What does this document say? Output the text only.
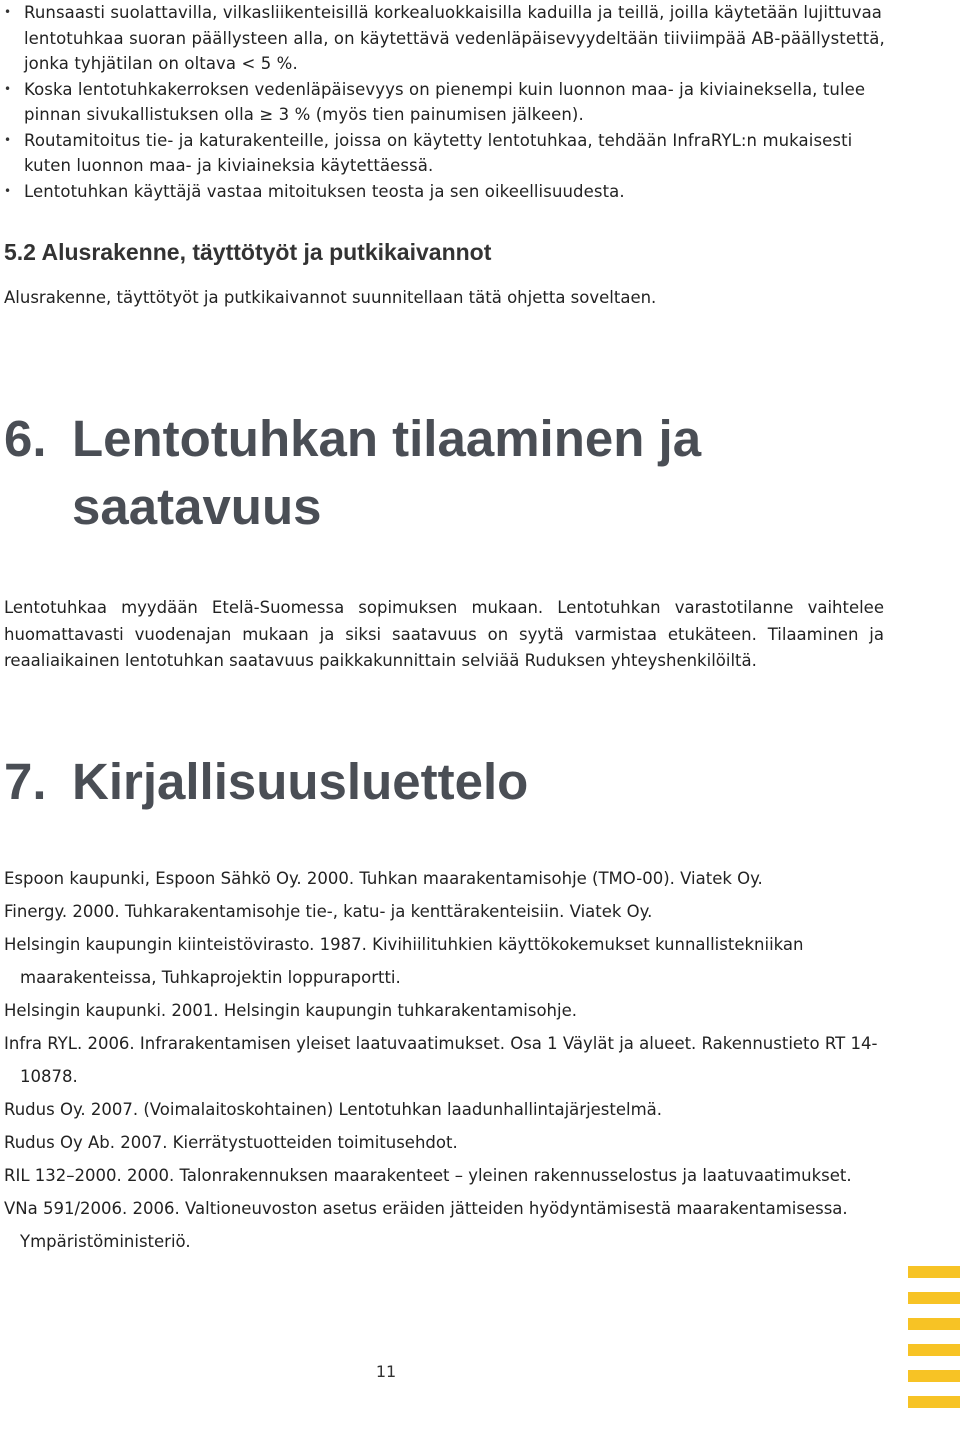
• Runsaasti suolattavilla, vilkasliikenteisillä korkealuokkaisilla kaduilla ja teillä, joilla käytetään lujittuvaa lentotuhkaa suoran päällysteen alla, on käytettävä vedenläpäisevyydeltään tiiviimpää AB-päällystettä, jonka tyhjätilan on oltava < 5 %.
• Koska lentotuhkakerroksen vedenläpäisevyys on pienempi kuin luonnon maa- ja kiviaineksella, tulee pinnan sivukallistuksen olla ≥ 3 % (myös tien painumisen jälkeen).
• Routamitoitus tie- ja katurakenteille, joissa on käytetty lentotuhkaa, tehdään InfraRYL:n mukaisesti kuten luonnon maa- ja kiviaineksia käytettäessä.
• Lentotuhkan käyttäjä vastaa mitoituksen teosta ja sen oikeellisuudesta.
5.2 Alusrakenne, täyttötyöt ja putkikaivannot

Alusrakenne, täyttötyöt ja putkikaivannot suunnitellaan tätä ohjetta soveltaen.

6. Lentotuhkan tilaaminen ja
saatavuus

Lentotuhkaa myydään Etelä-Suomessa sopimuksen mukaan. Lentotuhkan varastotilanne vaihtelee huomattavasti vuodenajan mukaan ja siksi saatavuus on syytä varmistaa etukäteen. Tilaaminen ja reaaliaikainen lentotuhkan saatavuus paikkakunnittain selviää Ruduksen yhteyshenkilöiltä.

7. Kirjallisuusluettelo
Espoon kaupunki, Espoon Sähkö Oy. 2000. Tuhkan maarakentamisohje (TMO-00). Viatek Oy.
Finergy. 2000. Tuhkarakentamisohje tie-, katu- ja kenttärakenteisiin. Viatek Oy.
Helsingin kaupungin kiinteistövirasto. 1987. Kivihiilituhkien käyttökokemukset kunnallistekniikan maarakenteissa, Tuhkaprojektin loppuraportti.
Helsingin kaupunki. 2001. Helsingin kaupungin tuhkarakentamisohje.
Infra RYL. 2006. Infrarakentamisen yleiset laatuvaatimukset. Osa 1 Väylät ja alueet. Rakennustieto RT 14-10878.
Rudus Oy. 2007. (Voimalaitoskohtainen) Lentotuhkan laadunhallintajärjestelmä.
Rudus Oy Ab. 2007. Kierrätystuotteiden toimitusehdot.
RIL 132–2000. 2000. Talonrakennuksen maarakenteet – yleinen rakennusselostus ja laatuvaatimukset.
VNa 591/2006. 2006. Valtioneuvoston asetus eräiden jätteiden hyödyntämisestä maarakentamisessa. Ympäristöministeriö.
11
